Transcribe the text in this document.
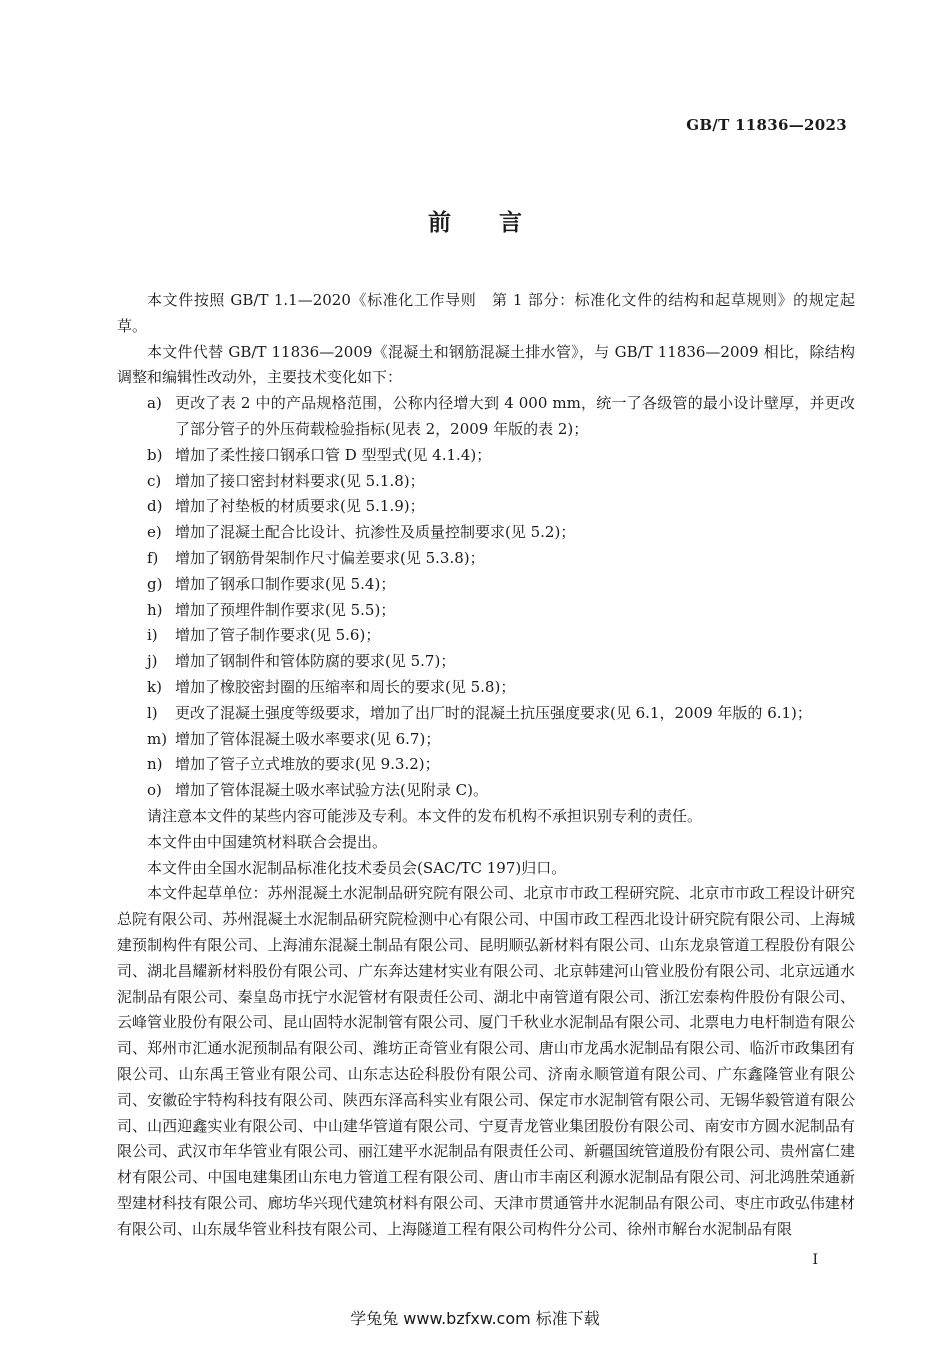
GB/T 11836—2023
前 言

本文件按照 GB/T 1.1—2020《标准化工作导则　第 1 部分：标准化文件的结构和起草规则》的规定起草。

本文件代替 GB/T 11836—2009《混凝土和钢筋混凝土排水管》，与 GB/T 11836—2009 相比，除结构调整和编辑性改动外，主要技术变化如下：

a) 更改了表 2 中的产品规格范围，公称内径增大到 4 000 mm，统一了各级管的最小设计壁厚，并更改了部分管子的外压荷载检验指标(见表 2，2009 年版的表 2)；

b) 增加了柔性接口钢承口管 D 型型式(见 4.1.4)；

c) 增加了接口密封材料要求(见 5.1.8)；

d) 增加了衬垫板的材质要求(见 5.1.9)；

e) 增加了混凝土配合比设计、抗渗性及质量控制要求(见 5.2)；

f) 增加了钢筋骨架制作尺寸偏差要求(见 5.3.8)；

g) 增加了钢承口制作要求(见 5.4)；

h) 增加了预埋件制作要求(见 5.5)；

i) 增加了管子制作要求(见 5.6)；

j) 增加了钢制件和管体防腐的要求(见 5.7)；

k) 增加了橡胶密封圈的压缩率和周长的要求(见 5.8)；

l) 更改了混凝土强度等级要求，增加了出厂时的混凝土抗压强度要求(见 6.1，2009 年版的 6.1)；

m) 增加了管体混凝土吸水率要求(见 6.7)；

n) 增加了管子立式堆放的要求(见 9.3.2)；

o) 增加了管体混凝土吸水率试验方法(见附录 C)。

请注意本文件的某些内容可能涉及专利。本文件的发布机构不承担识别专利的责任。

本文件由中国建筑材料联合会提出。

本文件由全国水泥制品标准化技术委员会(SAC/TC 197)归口。

本文件起草单位：苏州混凝土水泥制品研究院有限公司、北京市市政工程研究院、北京市市政工程设计研究总院有限公司、苏州混凝土水泥制品研究院检测中心有限公司、中国市政工程西北设计研究院有限公司、上海城建预制构件有限公司、上海浦东混凝土制品有限公司、昆明顺弘新材料有限公司、山东龙泉管道工程股份有限公司、湖北昌耀新材料股份有限公司、广东奔达建材实业有限公司、北京韩建河山管业股份有限公司、北京远通水泥制品有限公司、秦皇岛市抚宁水泥管材有限责任公司、湖北中南管道有限公司、浙江宏泰构件股份有限公司、云峰管业股份有限公司、昆山固特水泥制管有限公司、厦门千秋业水泥制品有限公司、北票电力电杆制造有限公司、郑州市汇通水泥预制品有限公司、潍坊正奇管业有限公司、唐山市龙禹水泥制品有限公司、临沂市政集团有限公司、山东禹王管业有限公司、山东志达砼科股份有限公司、济南永顺管道有限公司、广东鑫隆管业有限公司、安徽砼宇特构科技有限公司、陕西东泽高科实业有限公司、保定市水泥制管有限公司、无锡华毅管道有限公司、山西迎鑫实业有限公司、中山建华管道有限公司、宁夏青龙管业集团股份有限公司、南安市方圆水泥制品有限公司、武汉市年华管业有限公司、丽江建平水泥制品有限责任公司、新疆国统管道股份有限公司、贵州富仁建材有限公司、中国电建集团山东电力管道工程有限公司、唐山市丰南区利源水泥制品有限公司、河北鸿胜荣通新型建材科技有限公司、廊坊华兴现代建筑材料有限公司、天津市贯通管井水泥制品有限公司、枣庄市政弘伟建材有限公司、山东晟华管业科技有限公司、上海隧道工程有限公司构件分公司、徐州市解台水泥制品有限

I
学兔兔 www.bzfxw.com 标准下载
